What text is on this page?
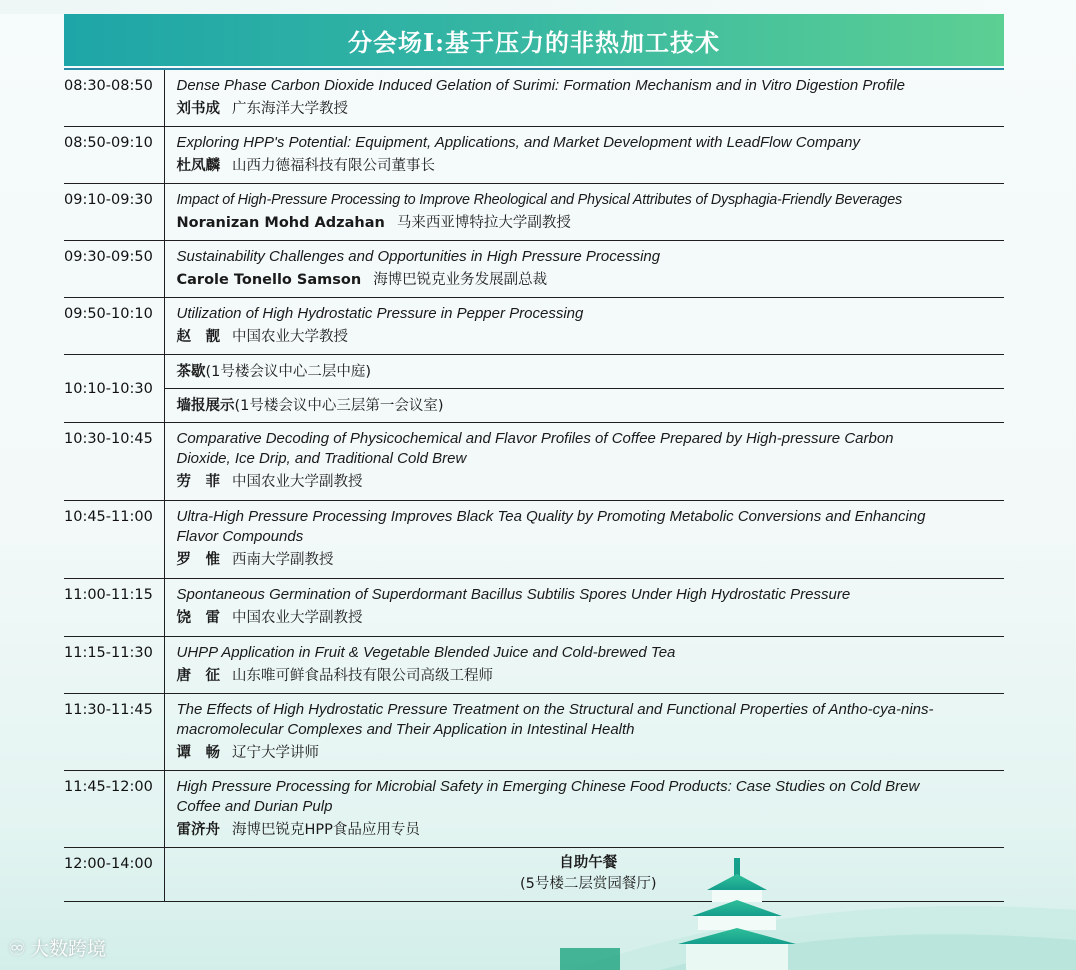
分会场I:基于压力的非热加工技术
08:30-08:50	Dense Phase Carbon Dioxide Induced Gelation of Surimi: Formation Mechanism and in Vitro Digestion Profile
刘书成 广东海洋大学教授

08:50-09:10	Exploring HPP's Potential: Equipment, Applications, and Market Development with LeadFlow Company
杜凤麟 山西力德福科技有限公司董事长

09:10-09:30	Impact of High-Pressure Processing to Improve Rheological and Physical Attributes of Dysphagia-Friendly Beverages
Noranizan Mohd Adzahan 马来西亚博特拉大学副教授

09:30-09:50	Sustainability Challenges and Opportunities in High Pressure Processing
Carole Tonello Samson 海博巴锐克业务发展副总裁

09:50-10:10	Utilization of High Hydrostatic Pressure in Pepper Processing
赵　靓 中国农业大学教授

10:10-10:30	茶歇(1号楼会议中心二层中庭)

	墙报展示(1号楼会议中心三层第一会议室)

10:30-10:45	Comparative Decoding of Physicochemical and Flavor Profiles of Coffee Prepared by High-pressure Carbon Dioxide, Ice Drip, and Traditional Cold Brew
劳　菲 中国农业大学副教授

10:45-11:00	Ultra-High Pressure Processing Improves Black Tea Quality by Promoting Metabolic Conversions and Enhancing Flavor Compounds
罗　惟 西南大学副教授

11:00-11:15	Spontaneous Germination of Superdormant Bacillus Subtilis Spores Under High Hydrostatic Pressure
饶　雷 中国农业大学副教授

11:15-11:30	UHPP Application in Fruit & Vegetable Blended Juice and Cold-brewed Tea
唐　征 山东唯可鲜食品科技有限公司高级工程师

11:30-11:45	The Effects of High Hydrostatic Pressure Treatment on the Structural and Functional Properties of Antho-cya-nins-macromolecular Complexes and Their Application in Intestinal Health
谭　畅 辽宁大学讲师

11:45-12:00	High Pressure Processing for Microbial Safety in Emerging Chinese Food Products: Case Studies on Cold Brew Coffee and Durian Pulp
雷济舟 海博巴锐克HPP食品应用专员

12:00-14:00	自助午餐
(5号楼二层赏园餐厅)
♾ 大数跨境
